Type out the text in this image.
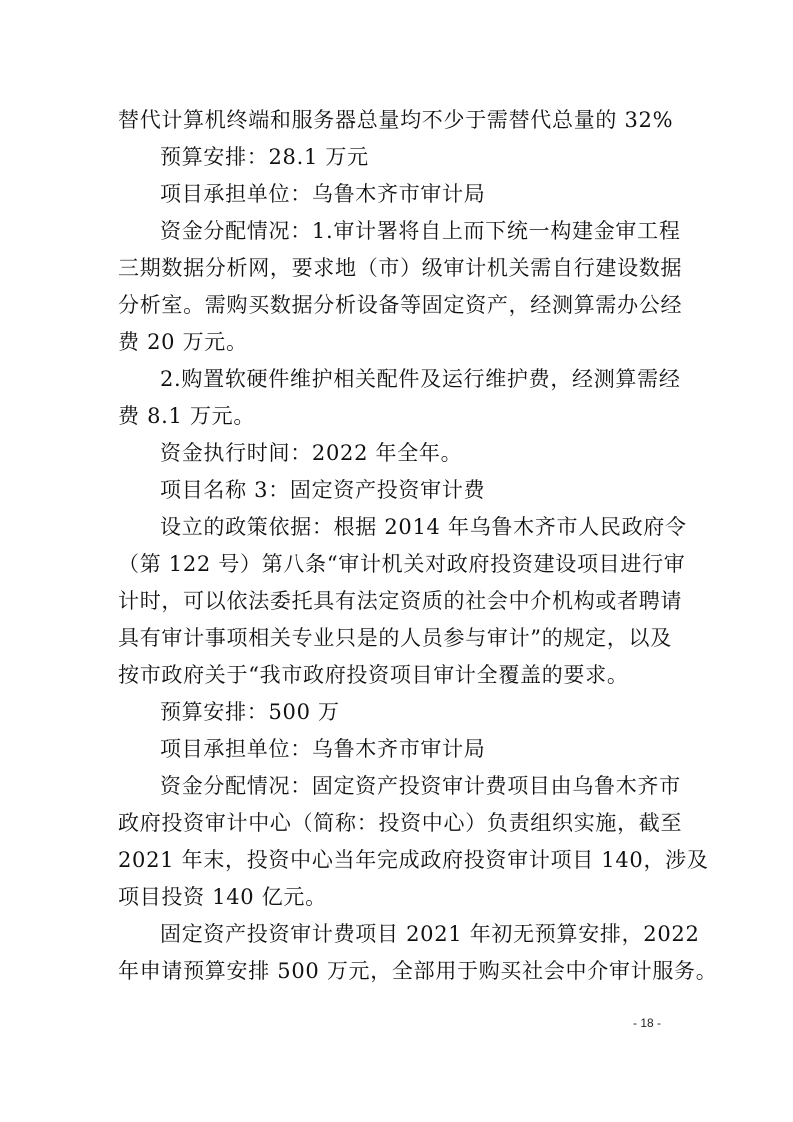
替代计算机终端和服务器总量均不少于需替代总量的 32%
预算安排：28.1 万元
项目承担单位：乌鲁木齐市审计局
资金分配情况：1.审计署将自上而下统一构建金审工程
三期数据分析网，要求地（市）级审计机关需自行建设数据
分析室。需购买数据分析设备等固定资产，经测算需办公经
费 20 万元。
2.购置软硬件维护相关配件及运行维护费，经测算需经
费 8.1 万元。
资金执行时间：2022 年全年。
项目名称 3：固定资产投资审计费
设立的政策依据：根据 2014 年乌鲁木齐市人民政府令
（第 122 号）第八条“审计机关对政府投资建设项目进行审
计时，可以依法委托具有法定资质的社会中介机构或者聘请
具有审计事项相关专业只是的人员参与审计”的规定，以及
按市政府关于“我市政府投资项目审计全覆盖的要求。
预算安排：500 万
项目承担单位：乌鲁木齐市审计局
资金分配情况：固定资产投资审计费项目由乌鲁木齐市
政府投资审计中心（简称：投资中心）负责组织实施，截至
2021 年末，投资中心当年完成政府投资审计项目 140，涉及
项目投资 140 亿元。
固定资产投资审计费项目 2021 年初无预算安排，2022
年申请预算安排 500 万元，全部用于购买社会中介审计服务。
- 18 -
